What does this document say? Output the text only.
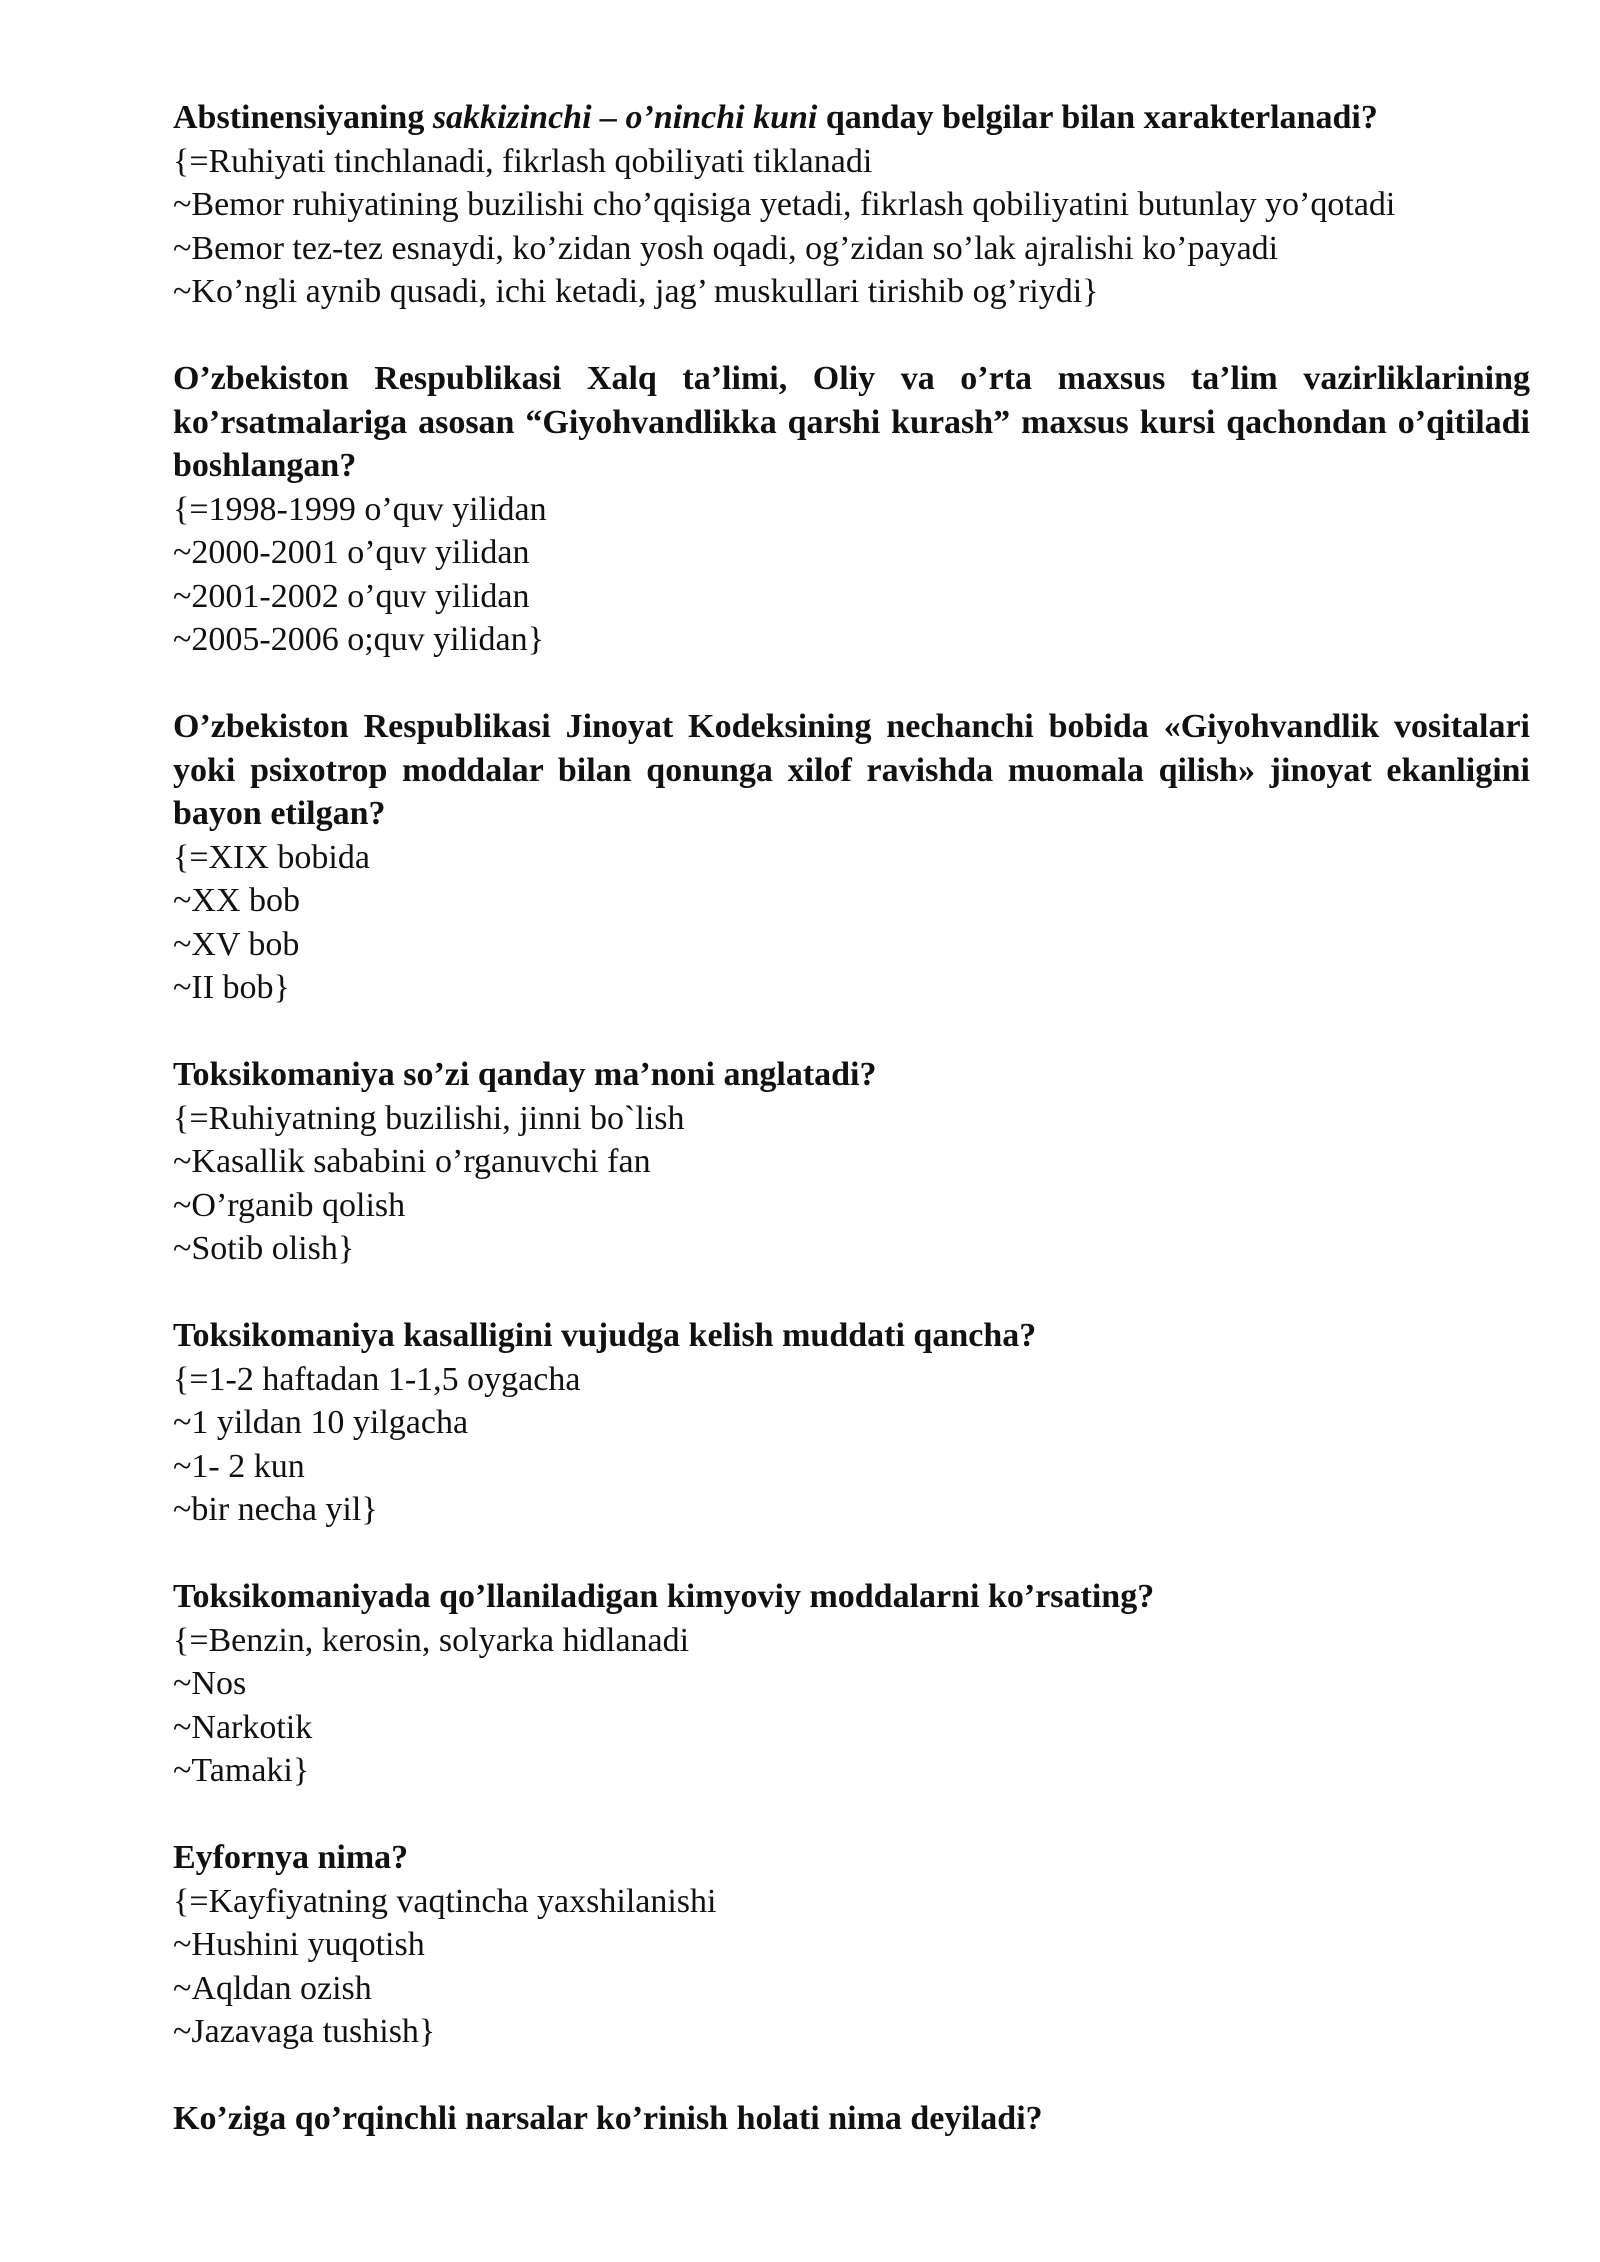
Abstinensiyaning sakkizinchi – o’ninchi kuni qanday belgilar bilan xarakterlanadi?

{=Ruhiyati tinchlanadi, fikrlash qobiliyati tiklanadi

~Bemor ruhiyatining buzilishi cho’qqisiga yetadi, fikrlash qobiliyatini butunlay yo’qotadi

~Bemor tez-tez esnaydi, ko’zidan yosh oqadi, og’zidan so’lak ajralishi ko’payadi

~Ko’ngli aynib qusadi, ichi ketadi, jag’ muskullari tirishib og’riydi}

O’zbekiston Respublikasi Xalq ta’limi, Oliy va o’rta maxsus ta’lim vazirliklarining ko’rsatmalariga asosan “Giyohvandlikka qarshi kurash” maxsus kursi qachondan o’qitiladi boshlangan?

{=1998-1999 o’quv yilidan

~2000-2001 o’quv yilidan

~2001-2002 o’quv yilidan

~2005-2006 o;quv yilidan}

O’zbekiston Respublikasi Jinoyat Kodeksining nechanchi bobida «Giyohvandlik vositalari yoki psixotrop moddalar bilan qonunga xilof ravishda muomala qilish» jinoyat ekanligini bayon etilgan?

{=XIX bobida

~XX bob

~XV bob

~II bob}

Toksikomaniya so’zi qanday ma’noni anglatadi?

{=Ruhiyatning buzilishi, jinni bo`lish

~Kasallik sababini o’rganuvchi fan

~O’rganib qolish

~Sotib olish}

Toksikomaniya kasalligini vujudga kelish muddati qancha?

{=1-2 haftadan 1-1,5 oygacha

~1 yildan 10 yilgacha

~1- 2 kun

~bir necha yil}

Toksikomaniyada qo’llaniladigan kimyoviy moddalarni ko’rsating?

{=Benzin, kerosin, solyarka hidlanadi

~Nos

~Narkotik

~Tamaki}

Eyfornya nima?

{=Kayfiyatning vaqtincha yaxshilanishi

~Hushini yuqotish

~Aqldan ozish

~Jazavaga tushish}

Ko’ziga qo’rqinchli narsalar ko’rinish holati nima deyiladi?
